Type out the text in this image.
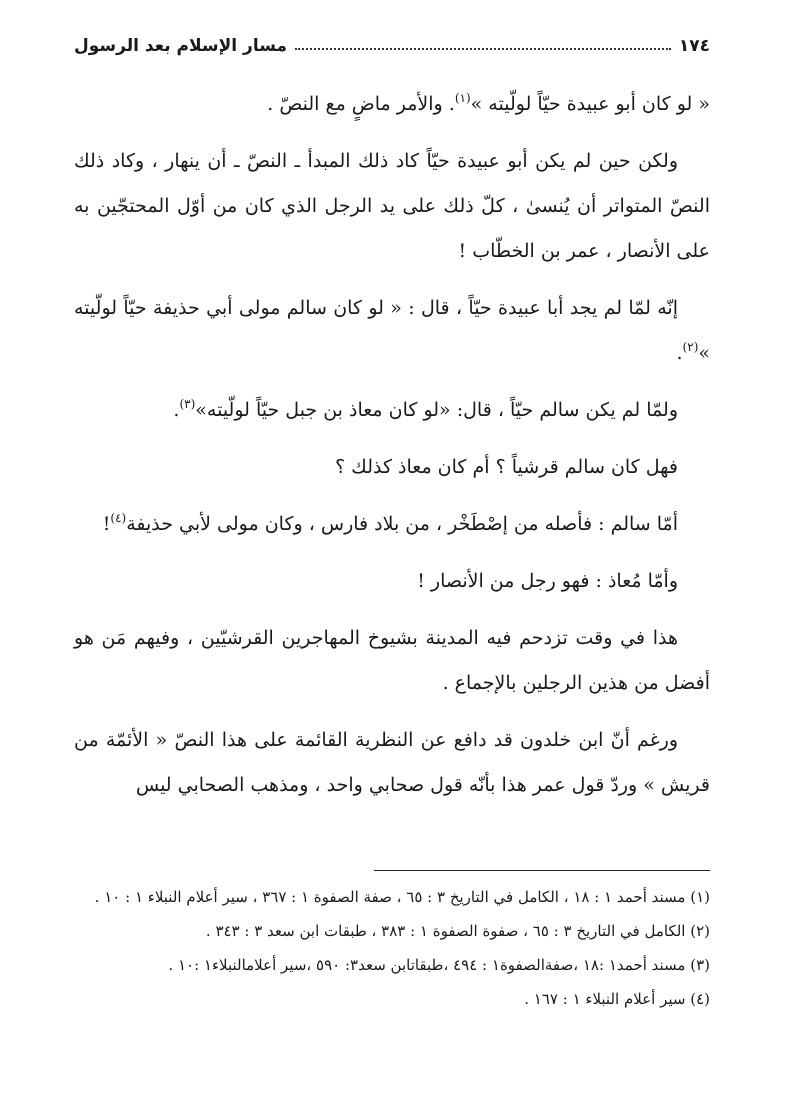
١٧٤
مسار الإسلام بعد الرسول

« لو كان أبو عبيدة حيّاً لولّيته »$^{(١)}$. والأمر ماضٍ مع النصّ .

ولكن حين لم يكن أبو عبيدة حيّاً كاد ذلك المبدأ ـ النصّ ـ أن ينهار ، وكاد ذلك النصّ المتواتر أن يُنسىٰ ، كلّ ذلك على يد الرجل الذي كان من أوّل المحتجّين به على الأنصار ، عمر بن الخطّاب !

إنّه لمّا لم يجد أبا عبيدة حيّاً ، قال : « لو كان سالم مولى أبي حذيفة حيّاً لولّيته »$^{(٢)}$.

ولمّا لم يكن سالم حيّاً ، قال: «لو كان معاذ بن جبل حيّاً لولّيته»$^{(٣)}$.

فهل كان سالم قرشياً ؟ أم كان معاذ كذلك ؟

أمّا سالم : فأصله من إصْطَخْر ، من بلاد فارس ، وكان مولى لأبي حذيفة$^{(٤)}$!

وأمّا مُعاذ : فهو رجل من الأنصار !

هذا في وقت تزدحم فيه المدينة بشيوخ المهاجرين القرشيّين ، وفيهم مَن هو أفضل من هذين الرجلين بالإجماع .

ورغم أنّ ابن خلدون قد دافع عن النظرية القائمة على هذا النصّ « الأئمّة من قريش » وردّ قول عمر هذا بأنّه قول صحابي واحد ، ومذهب الصحابي ليس

(١) مسند أحمد ١ : ١٨ ، الكامل في التاريخ ٣ : ٦٥ ، صفة الصفوة ١ : ٣٦٧ ، سير أعلام النبلاء ١ : ١٠ .

(٢) الكامل في التاريخ ٣ : ٦٥ ، صفوة الصفوة ١ : ٣٨٣ ، طبقات ابن سعد ٣ : ٣٤٣ .

(٣) مسند أحمد١ :١٨ ،صفةالصفوة١ : ٤٩٤ ،طبقاتابن سعد٣: ٥٩٠ ،سير أعلامالنبلاء١ :١٠ .

(٤) سير أعلام النبلاء ١ : ١٦٧ .
